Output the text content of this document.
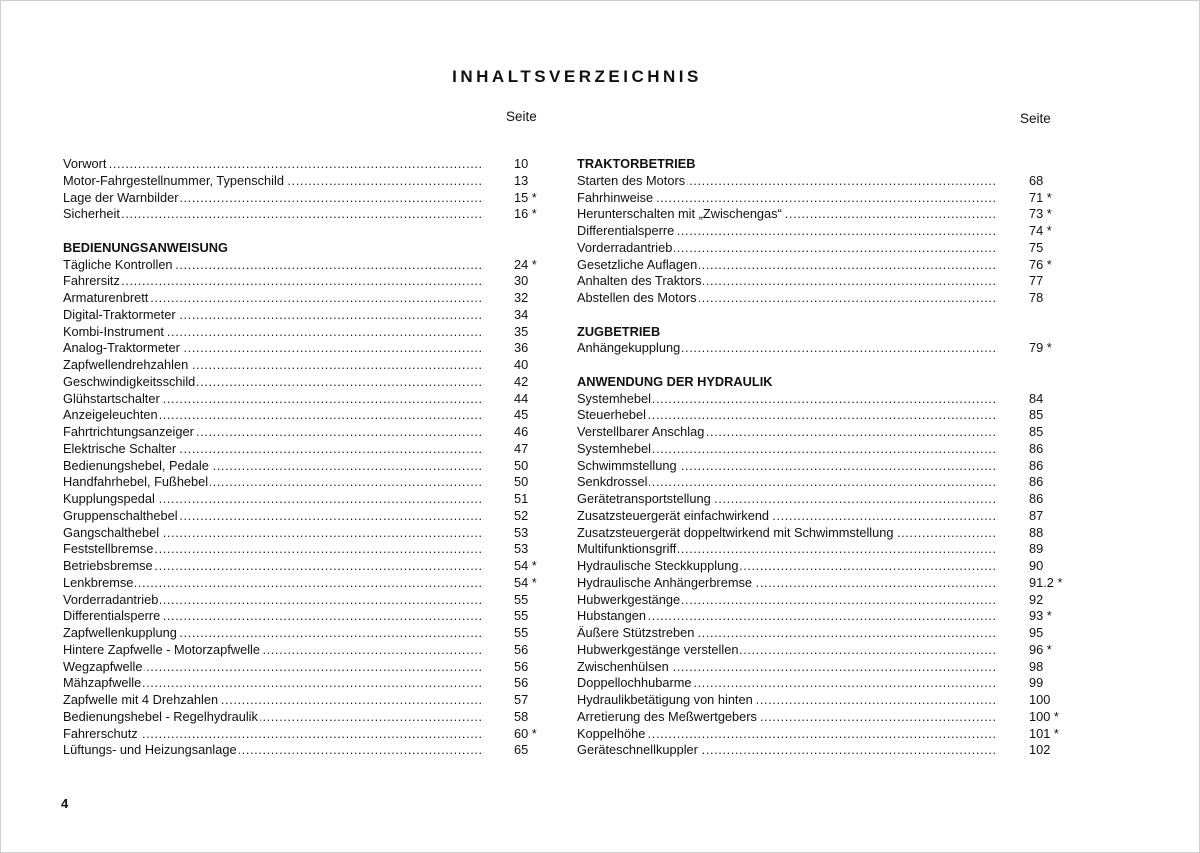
INHALTSVERZEICHNIS
Seite	Seite
Vorwort .....	10
Motor-Fahrgestellnummer, Typenschild .....	13
Lage der Warnbilder .....	15 *
Sicherheit .....	16 *
BEDIENUNGSANWEISUNG
Tägliche Kontrollen .....	24 *
Fahrersitz .....	30
Armaturenbrett .....	32
Digital-Traktormeter .....	34
Kombi-Instrument .....	35
Analog-Traktormeter .....	36
Zapfwellendrehzahlen .....	40
Geschwindigkeitsschild .....	42
Glühstartschalter .....	44
Anzeigeleuchten .....	45
Fahrtrichtungsanzeiger .....	46
Elektrische Schalter .....	47
Bedienungshebel, Pedale .....	50
Handfahrhebel, Fußhebel .....	50
Kupplungspedal .....	51
Gruppenschalthebel .....	52
Gangschalthebel .....	53
Feststellbremse .....	53
Betriebsbremse .....	54 *
Lenkbremse .....	54 *
Vorderradantrieb .....	55
Differentialsperre .....	55
Zapfwellenkupplung .....	55
Hintere Zapfwelle - Motorzapfwelle .....	56
Wegzapfwelle .....	56
Mähzapfwelle .....	56
Zapfwelle mit 4 Drehzahlen .....	57
Bedienungshebel - Regelhydraulik .....	58
Fahrerschutz .....	60 *
Lüftungs- und Heizungsanlage .....	65
TRAKTORBETRIEB
Starten des Motors .....	68
Fahrhinweise .....	71 *
Herunterschalten mit „Zwischengas“ .....	73 *
Differentialsperre .....	74 *
Vorderradantrieb .....	75
Gesetzliche Auflagen .....	76 *
Anhalten des Traktors .....	77
Abstellen des Motors .....	78
ZUGBETRIEB
Anhängekupplung .....	79 *
ANWENDUNG DER HYDRAULIK
Systemhebel .....	84
Steuerhebel .....	85
Verstellbarer Anschlag .....	85
Systemhebel .....	86
Schwimmstellung .....	86
Senkdrossel .....	86
Gerätetransportstellung .....	86
Zusatzsteuergerät einfachwirkend .....	87
Zusatzsteuergerät doppeltwirkend mit Schwimmstellung .....	88
Multifunktionsgriff .....	89
Hydraulische Steckkupplung .....	90
Hydraulische Anhängerbremse .....	91.2 *
Hubwerkgestänge .....	92
Hubstangen .....	93 *
Äußere Stützstreben .....	95
Hubwerkgestänge verstellen .....	96 *
Zwischenhülsen .....	98
Doppellochhubarme .....	99
Hydraulikbetätigung von hinten .....	100
Arretierung des Meßwertgebers .....	100 *
Koppelhöhe .....	101 *
Geräteschnellkuppler .....	102
4
